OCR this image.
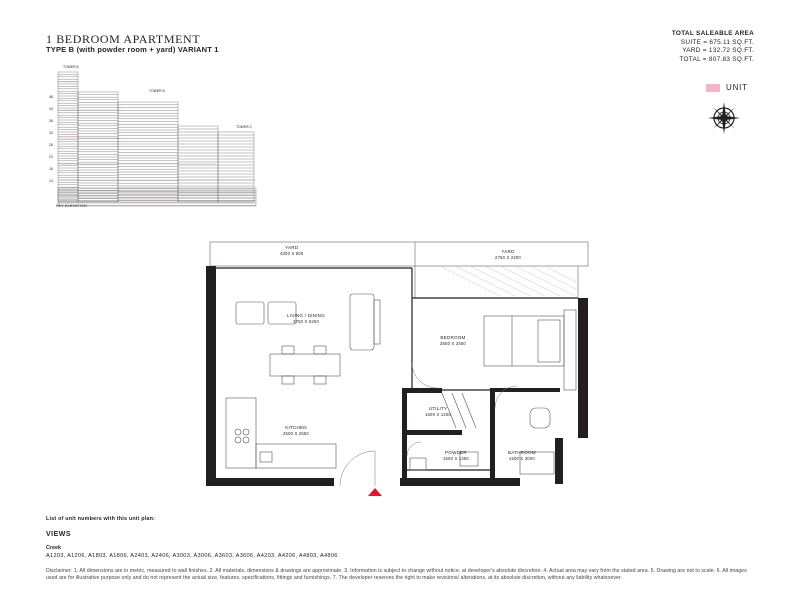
1 BEDROOM APARTMENT
TYPE B (with powder room + yard) VARIANT 1
TOTAL SALEABLE AREA
SUITE = 675.11 SQ.FT.
YARD = 132.72 SQ.FT.
TOTAL = 807.83 SQ.FT.
UNIT
TOWER A
TOWER B
TOWER C
48
43
38
33
28
23
18
13
KEY ELEVATION
YARD
4300 X 800	YARD
2750 X 2200
LIVING / DINING
3750 X 5250
BEDROOM
3550 X 3450
UTILITY
1600 X 1200
KITCHEN
2500 X 2550
POWDER
1600 X 1450
BATHROOM
1500 X 3000
List of unit numbers with this unit plan:
VIEWS
Creek
A1203, A1206, A1803, A1806, A2403, A2406, A3003, A3006, A3603, A3606, A4203, A4206, A4803, A4806
Disclaimer: 1. All dimensions are in metric, measured to wall finishes. 2. All materials, dimensions & drawings are approximate. 3. Information is subject to change without notice, at developer's absolute discretion. 4. Actual area may vary from the stated area. 5. Drawing are not to scale. 6. All images used are for illustrative purpose only and do not represent the actual size, features, specifications, fittings and furnishings. 7. The developer reserves the right to make revisions/ alterations, at its absolute discretion, without any liability whatsoever.
